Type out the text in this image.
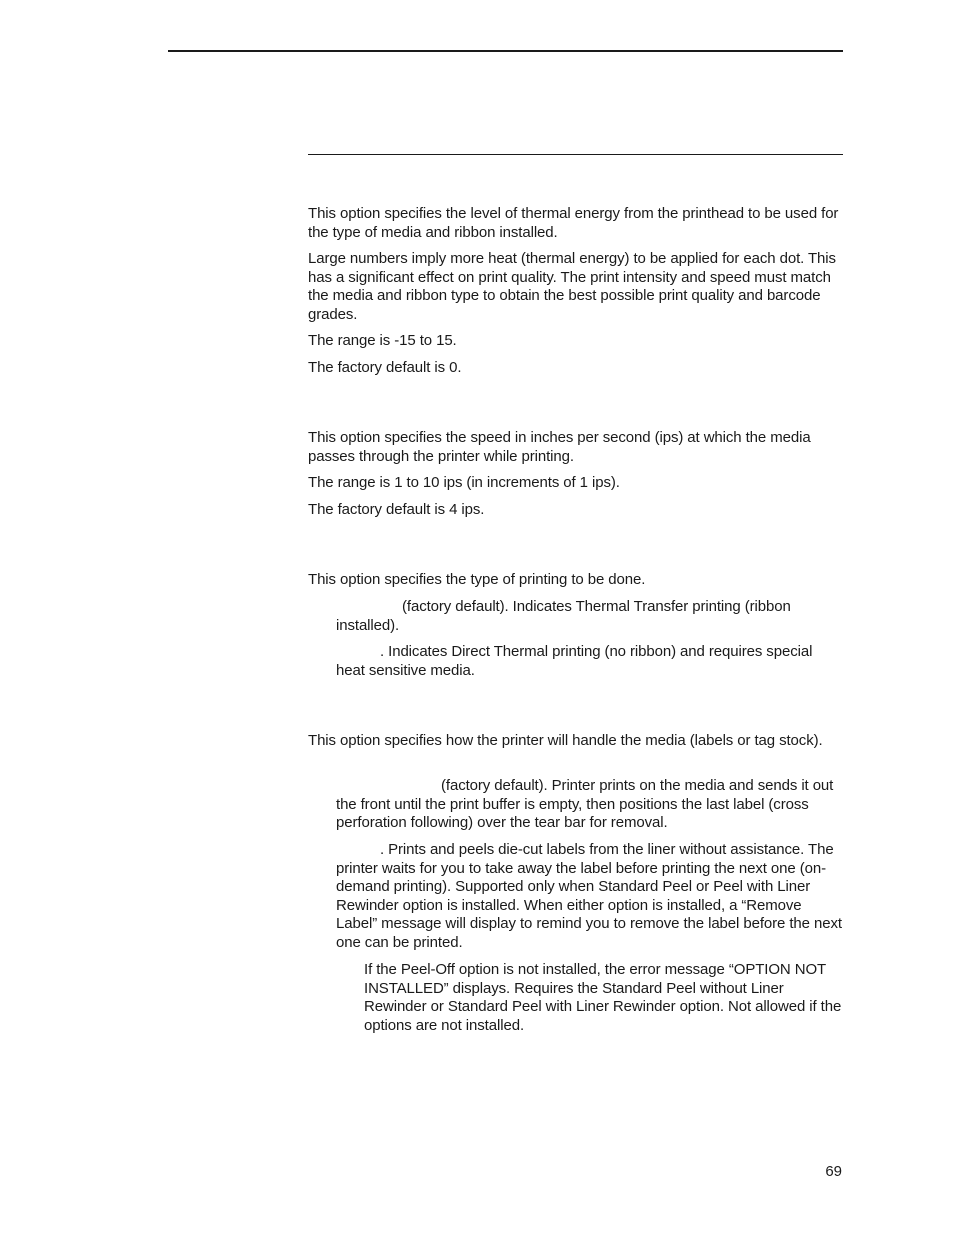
This option specifies the level of thermal energy from the printhead to be used for the type of media and ribbon installed.

Large numbers imply more heat (thermal energy) to be applied for each dot. This has a significant effect on print quality. The print intensity and speed must match the media and ribbon type to obtain the best possible print quality and barcode grades.

The range is -15 to 15.

The factory default is 0.

This option specifies the speed in inches per second (ips) at which the media passes through the printer while printing.

The range is 1 to 10 ips (in increments of 1 ips).

The factory default is 4 ips.

This option specifies the type of printing to be done.

(factory default). Indicates Thermal Transfer printing (ribbon installed).

. Indicates Direct Thermal printing (no ribbon) and requires special heat sensitive media.

This option specifies how the printer will handle the media (labels or tag stock).

(factory default). Printer prints on the media and sends it out the front until the print buffer is empty, then positions the last label (cross perforation following) over the tear bar for removal.

. Prints and peels die-cut labels from the liner without assistance. The printer waits for you to take away the label before printing the next one (on-demand printing). Supported only when Standard Peel or Peel with Liner Rewinder option is installed. When either option is installed, a “Remove Label” message will display to remind you to remove the label before the next one can be printed.

If the Peel-Off option is not installed, the error message “OPTION NOT INSTALLED” displays. Requires the Standard Peel without Liner Rewinder or Standard Peel with Liner Rewinder option. Not allowed if the options are not installed.

69
